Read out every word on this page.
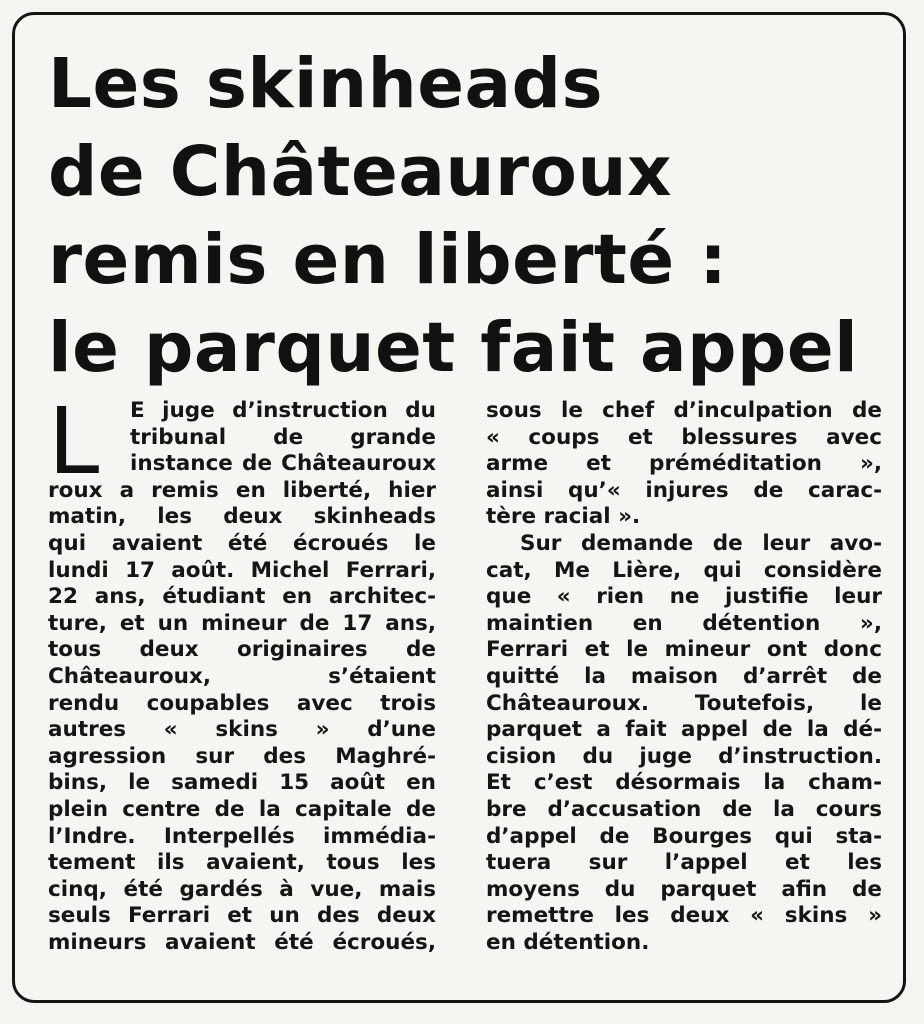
Les skinheads
de Châteauroux
remis en liberté :
le parquet fait appel
L	E juge d’instruction du
tribunal de grande
instance de Châteauroux
roux a remis en liberté, hier
matin, les deux skinheads
qui avaient été écroués le
lundi 17 août. Michel Ferrari,
22 ans, étudiant en architec-
ture, et un mineur de 17 ans,
tous deux originaires de
Châteauroux, s’étaient
rendu coupables avec trois
autres « skins » d’une
agression sur des Maghré-
bins, le samedi 15 août en
plein centre de la capitale de
l’Indre. Interpellés immédia-
tement ils avaient, tous les
cinq, été gardés à vue, mais
seuls Ferrari et un des deux
mineurs avaient été écroués,
sous le chef d’inculpation de
« coups et blessures avec
arme et préméditation »,
ainsi qu’« injures de carac-
tère racial ».
Sur demande de leur avo-
cat, Me Lière, qui considère
que « rien ne justifie leur
maintien en détention »,
Ferrari et le mineur ont donc
quitté la maison d’arrêt de
Châteauroux. Toutefois, le
parquet a fait appel de la dé-
cision du juge d’instruction.
Et c’est désormais la cham-
bre d’accusation de la cours
d’appel de Bourges qui sta-
tuera sur l’appel et les
moyens du parquet afin de
remettre les deux « skins »
en détention.
